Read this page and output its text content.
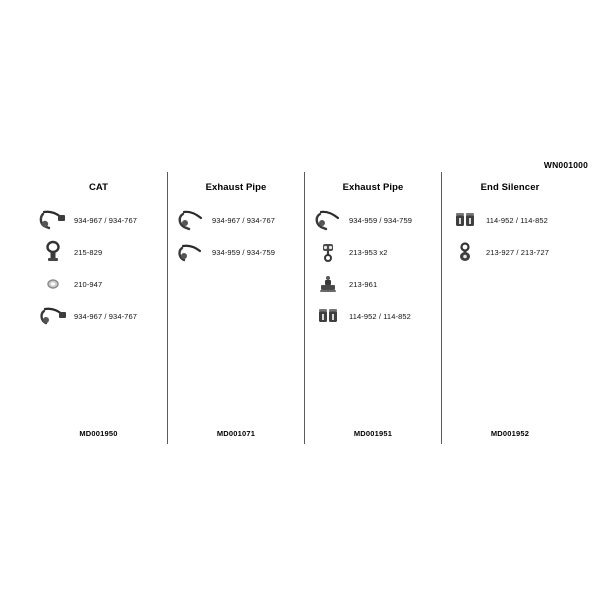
WN001000
CAT
934-967 / 934-767
215-829
210-947
934-967 / 934-767
MD001950
Exhaust Pipe
934-967 / 934-767
934-959 / 934-759
MD001071
Exhaust Pipe
934-959 / 934-759
213-953 x2
213-961
114-952 / 114-852
MD001951
End Silencer
114-952 / 114-852
213-927 / 213-727
MD001952
